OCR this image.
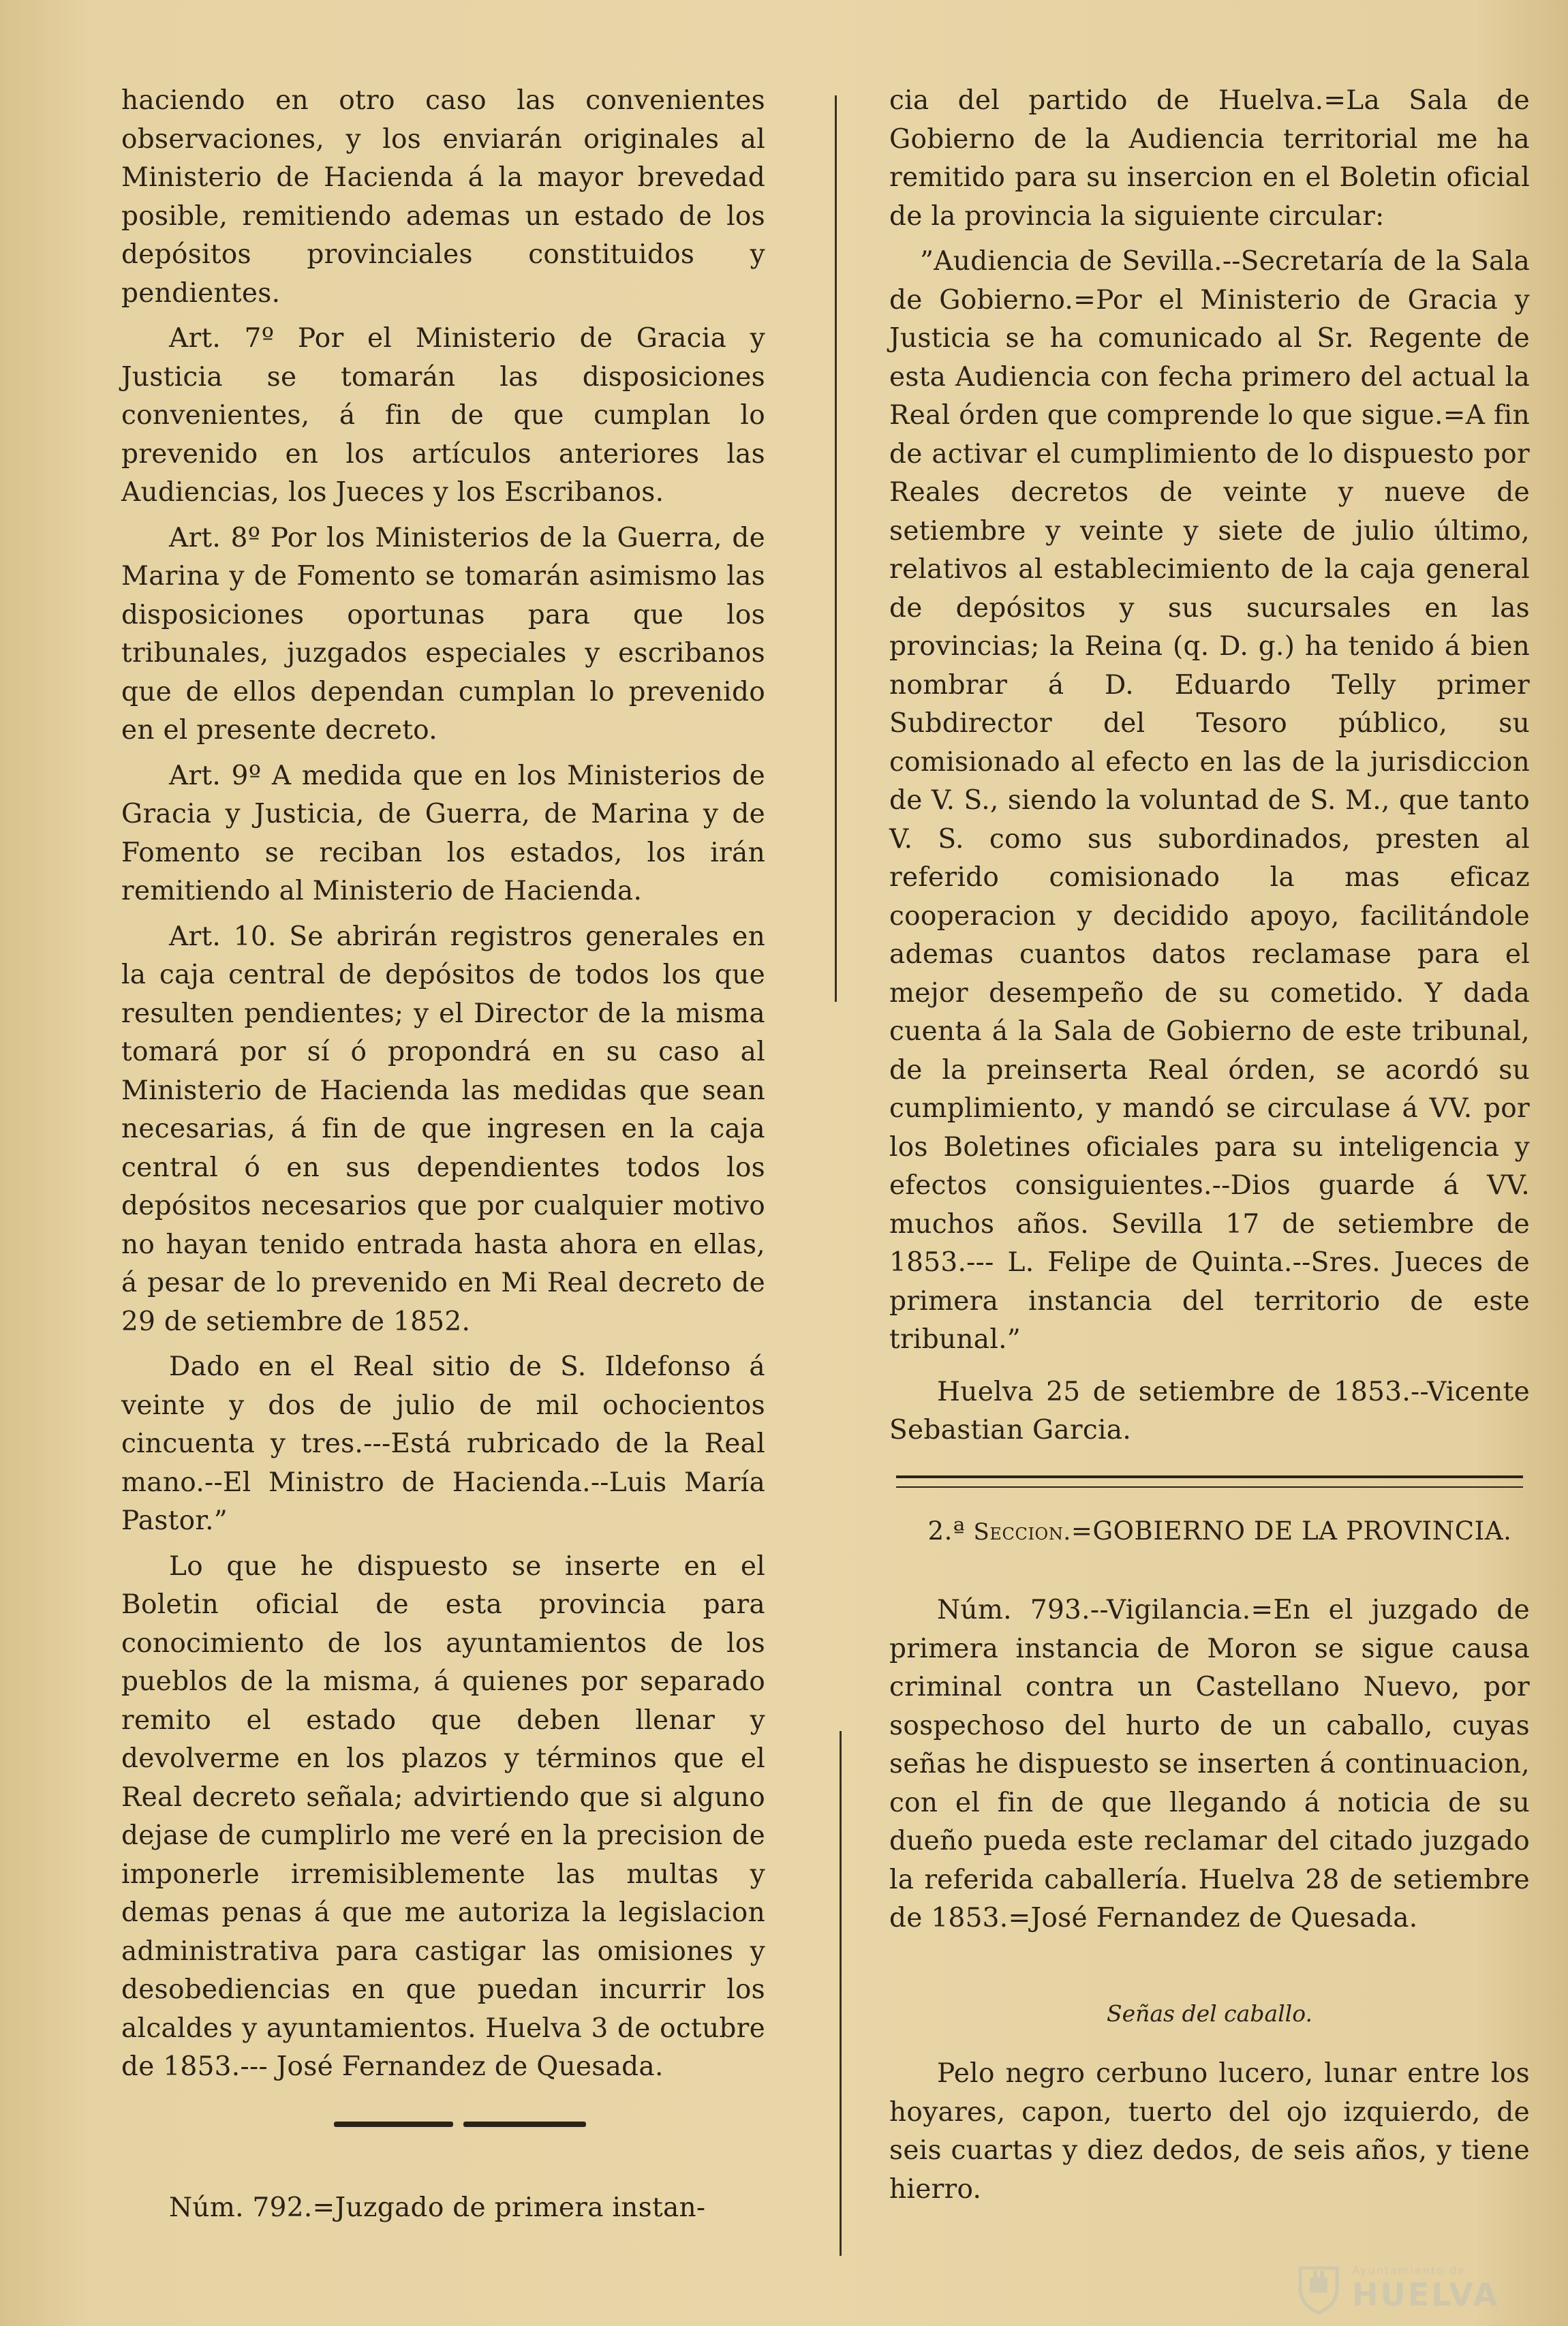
haciendo en otro caso las convenientes observaciones, y los enviarán originales al Ministerio de Hacienda á la mayor brevedad posible, remitiendo ademas un estado de los depósitos provinciales constituidos y pendientes.

Art. 7º Por el Ministerio de Gracia y Justicia se tomarán las disposiciones convenientes, á fin de que cumplan lo prevenido en los artículos anteriores las Audiencias, los Jueces y los Escribanos.

Art. 8º Por los Ministerios de la Guerra, de Marina y de Fomento se tomarán asimismo las disposiciones oportunas para que los tribunales, juzgados especiales y escribanos que de ellos dependan cumplan lo prevenido en el presente decreto.

Art. 9º A medida que en los Ministerios de Gracia y Justicia, de Guerra, de Marina y de Fomento se reciban los estados, los irán remitiendo al Ministerio de Hacienda.

Art. 10. Se abrirán registros generales en la caja central de depósitos de todos los que resulten pendientes; y el Director de la misma tomará por sí ó propondrá en su caso al Ministerio de Hacienda las medidas que sean necesarias, á fin de que ingresen en la caja central ó en sus dependientes todos los depósitos necesarios que por cualquier motivo no hayan tenido entrada hasta ahora en ellas, á pesar de lo prevenido en Mi Real decreto de 29 de setiembre de 1852.

Dado en el Real sitio de S. Ildefonso á veinte y dos de julio de mil ochocientos cincuenta y tres.---Está rubricado de la Real mano.--El Ministro de Hacienda.--Luis María Pastor.”

Lo que he dispuesto se inserte en el Boletin oficial de esta provincia para conocimiento de los ayuntamientos de los pueblos de la misma, á quienes por separado remito el estado que deben llenar y devolverme en los plazos y términos que el Real decreto señala; advirtiendo que si alguno dejase de cumplirlo me veré en la precision de imponerle irremisiblemente las multas y demas penas á que me autoriza la legislacion administrativa para castigar las omisiones y desobediencias en que puedan incurrir los alcaldes y ayuntamientos. Huelva 3 de octubre de 1853.--- José Fernandez de Quesada.

Núm. 792.=Juzgado de primera instan-

cia del partido de Huelva.=La Sala de Gobierno de la Audiencia territorial me ha remitido para su insercion en el Boletin oficial de la provincia la siguiente circular:

”Audiencia de Sevilla.--Secretaría de la Sala de Gobierno.=Por el Ministerio de Gracia y Justicia se ha comunicado al Sr. Regente de esta Audiencia con fecha primero del actual la Real órden que comprende lo que sigue.=A fin de activar el cumplimiento de lo dispuesto por Reales decretos de veinte y nueve de setiembre y veinte y siete de julio último, relativos al establecimiento de la caja general de depósitos y sus sucursales en las provincias; la Reina (q. D. g.) ha tenido á bien nombrar á D. Eduardo Telly primer Subdirector del Tesoro público, su comisionado al efecto en las de la jurisdiccion de V. S., siendo la voluntad de S. M., que tanto V. S. como sus subordinados, presten al referido comisionado la mas eficaz cooperacion y decidido apoyo, facilitándole ademas cuantos datos reclamase para el mejor desempeño de su cometido. Y dada cuenta á la Sala de Gobierno de este tribunal, de la preinserta Real órden, se acordó su cumplimiento, y mandó se circulase á VV. por los Boletines oficiales para su inteligencia y efectos consiguientes.--Dios guarde á VV. muchos años. Sevilla 17 de setiembre de 1853.--- L. Felipe de Quinta.--Sres. Jueces de primera instancia del territorio de este tribunal.”

Huelva 25 de setiembre de 1853.--Vicente Sebastian Garcia.

2.ª Seccion.=GOBIERNO DE LA PROVINCIA.

Núm. 793.--Vigilancia.=En el juzgado de primera instancia de Moron se sigue causa criminal contra un Castellano Nuevo, por sospechoso del hurto de un caballo, cuyas señas he dispuesto se inserten á continuacion, con el fin de que llegando á noticia de su dueño pueda este reclamar del citado juzgado la referida caballería. Huelva 28 de setiembre de 1853.=José Fernandez de Quesada.

Señas del caballo.

Pelo negro cerbuno lucero, lunar entre los hoyares, capon, tuerto del ojo izquierdo, de seis cuartas y diez dedos, de seis años, y tiene hierro.

Ayuntamiento de
HUELVA
